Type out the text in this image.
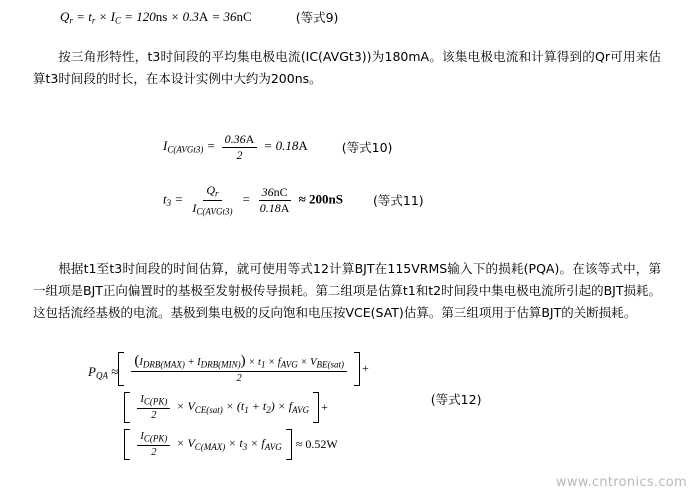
$Q_r = t_r \times I_C = 120ns \times 0.3A = 36nC$	(等式9)
按三角形特性，t3时间段的平均集电极电流(IC(AVGt3))为180mA。该集电极电流和计算得到的Qr可用来估算t3时间段的时长，在本设计实例中大约为200ns。
$I_{C(AVGt3)} = \frac{0.36A}{2} = 0.18A$	(等式10)
$t_3 = \frac{Q_r}{I_{C(AVGt3)}} = \frac{36nC}{0.18A} \approx 200nS$ (等式11)
根据t1至t3时间段的时间估算，就可使用等式12计算BJT在115VRMS输入下的损耗(PQA)。在该等式中，第一组项是BJT正向偏置时的基极至发射极传导损耗。第二组项是估算t1和t2时间段中集电极电流所引起的BJT损耗。这包括流经基极的电流。基极到集电极的反向饱和电压按VCE(SAT)估算。第三组项用于估算BJT的关断损耗。
$P_{QA} \approx \frac{\text{(IDRB(MAX) + IDRB(MIN)) × t1 × fAVG × VBE(sat)}}{2}$ +
$\frac{IC(PK)}{2} \times V_{CE(sat)} \times (t_1 + t_2) \times f_{AVG}$	+
$\frac{IC(PK)}{2} \times V_{C(MAX)} \times t_3 \times f_{AVG}$	≈ 0.52W
(等式12)
www.cntronics.com
